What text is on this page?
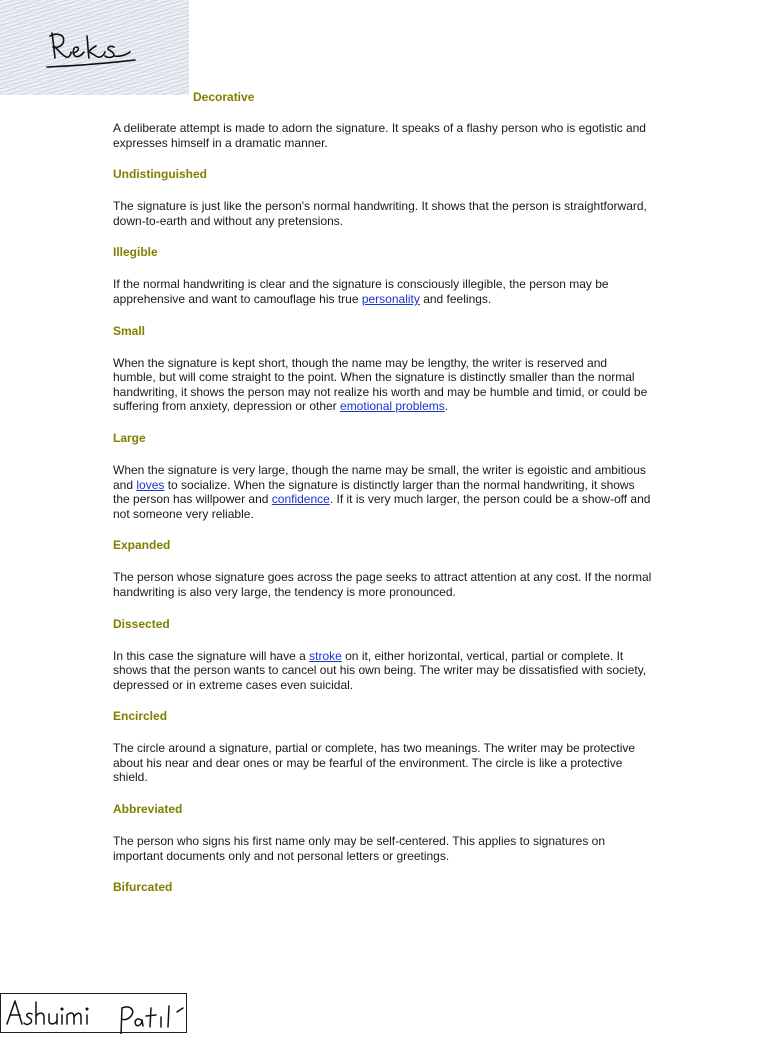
Decorative

A deliberate attempt is made to adorn the signature. It speaks of a flashy person who is egotistic and expresses himself in a dramatic manner.

Undistinguished

The signature is just like the person's normal handwriting. It shows that the person is straightforward, down-to-earth and without any pretensions.

Illegible

If the normal handwriting is clear and the signature is consciously illegible, the person may be apprehensive and want to camouflage his true personality and feelings.

Small

When the signature is kept short, though the name may be lengthy, the writer is reserved and humble, but will come straight to the point. When the signature is distinctly smaller than the normal handwriting, it shows the person may not realize his worth and may be humble and timid, or could be suffering from anxiety, depression or other emotional problems.

Large

When the signature is very large, though the name may be small, the writer is egoistic and ambitious and loves to socialize. When the signature is distinctly larger than the normal handwriting, it shows the person has willpower and confidence. If it is very much larger, the person could be a show-off and not someone very reliable.

Expanded

The person whose signature goes across the page seeks to attract attention at any cost. If the normal handwriting is also very large, the tendency is more pronounced.

Dissected

In this case the signature will have a stroke on it, either horizontal, vertical, partial or complete. It shows that the person wants to cancel out his own being. The writer may be dissatisfied with society, depressed or in extreme cases even suicidal.

Encircled

The circle around a signature, partial or complete, has two meanings. The writer may be protective about his near and dear ones or may be fearful of the environment. The circle is like a protective shield.

Abbreviated

The person who signs his first name only may be self-centered. This applies to signatures on important documents only and not personal letters or greetings.

Bifurcated
